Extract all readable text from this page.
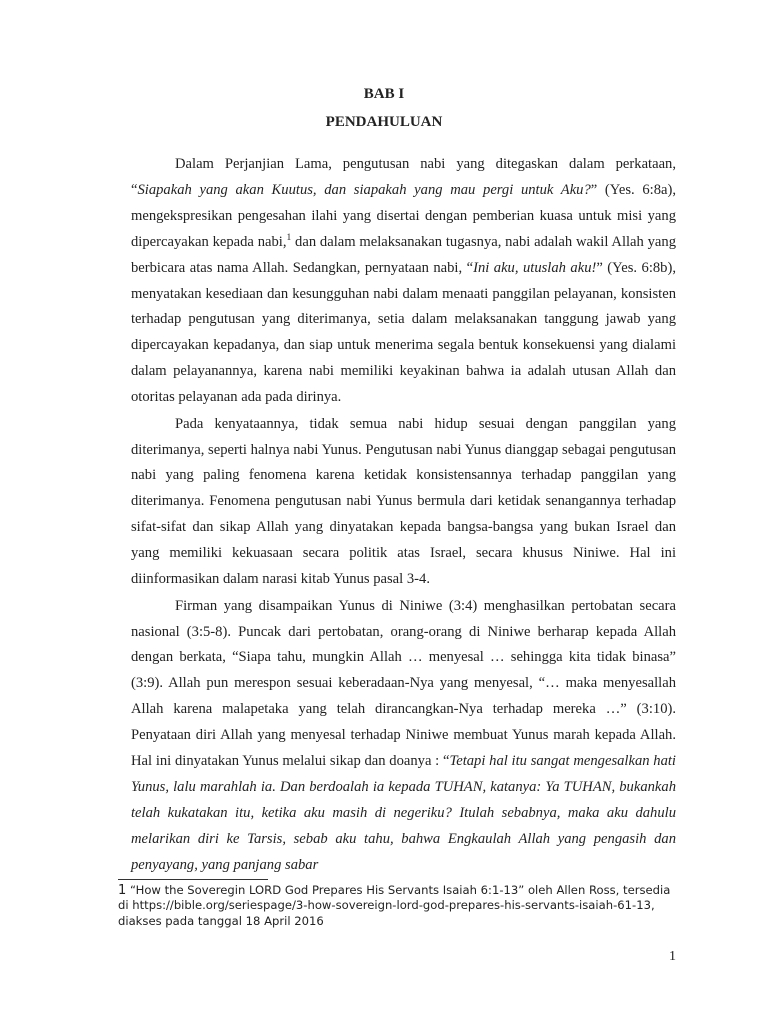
BAB I
PENDAHULUAN

Dalam Perjanjian Lama, pengutusan nabi yang ditegaskan dalam perkataan, “Siapakah yang akan Kuutus, dan siapakah yang mau pergi untuk Aku?” (Yes. 6:8a), mengekspresikan pengesahan ilahi yang disertai dengan pemberian kuasa untuk misi yang dipercayakan kepada nabi,$^1$ dan dalam melaksanakan tugasnya, nabi adalah wakil Allah yang berbicara atas nama Allah. Sedangkan, pernyataan nabi, “Ini aku, utuslah aku!” (Yes. 6:8b), menyatakan kesediaan dan kesungguhan nabi dalam menaati panggilan pelayanan, konsisten terhadap pengutusan yang diterimanya, setia dalam melaksanakan tanggung jawab yang dipercayakan kepadanya, dan siap untuk menerima segala bentuk konsekuensi yang dialami dalam pelayanannya, karena nabi memiliki keyakinan bahwa ia adalah utusan Allah dan otoritas pelayanan ada pada dirinya.

Pada kenyataannya, tidak semua nabi hidup sesuai dengan panggilan yang diterimanya, seperti halnya nabi Yunus. Pengutusan nabi Yunus dianggap sebagai pengutusan nabi yang paling fenomena karena ketidak konsistensannya terhadap panggilan yang diterimanya. Fenomena pengutusan nabi Yunus bermula dari ketidak senangannya terhadap sifat-sifat dan sikap Allah yang dinyatakan kepada bangsa-bangsa yang bukan Israel dan yang memiliki kekuasaan secara politik atas Israel, secara khusus Niniwe. Hal ini diinformasikan dalam narasi kitab Yunus pasal 3-4.

Firman yang disampaikan Yunus di Niniwe (3:4) menghasilkan pertobatan secara nasional (3:5-8). Puncak dari pertobatan, orang-orang di Niniwe berharap kepada Allah dengan berkata, “Siapa tahu, mungkin Allah … menyesal … sehingga kita tidak binasa” (3:9). Allah pun merespon sesuai keberadaan-Nya yang menyesal, “… maka menyesallah Allah karena malapetaka yang telah dirancangkan-Nya terhadap mereka …” (3:10). Penyataan diri Allah yang menyesal terhadap Niniwe membuat Yunus marah kepada Allah. Hal ini dinyatakan Yunus melalui sikap dan doanya : “Tetapi hal itu sangat mengesalkan hati Yunus, lalu marahlah ia. Dan berdoalah ia kepada TUHAN, katanya: Ya TUHAN, bukankah telah kukatakan itu, ketika aku masih di negeriku? Itulah sebabnya, maka aku dahulu melarikan diri ke Tarsis, sebab aku tahu, bahwa Engkaulah Allah yang pengasih dan penyayang, yang panjang sabar

1 “How the Soveregin LORD God Prepares His Servants Isaiah 6:1-13” oleh Allen Ross, tersedia di https://bible.org/seriespage/3-how-sovereign-lord-god-prepares-his-servants-isaiah-61-13, diakses pada tanggal 18 April 2016
1
